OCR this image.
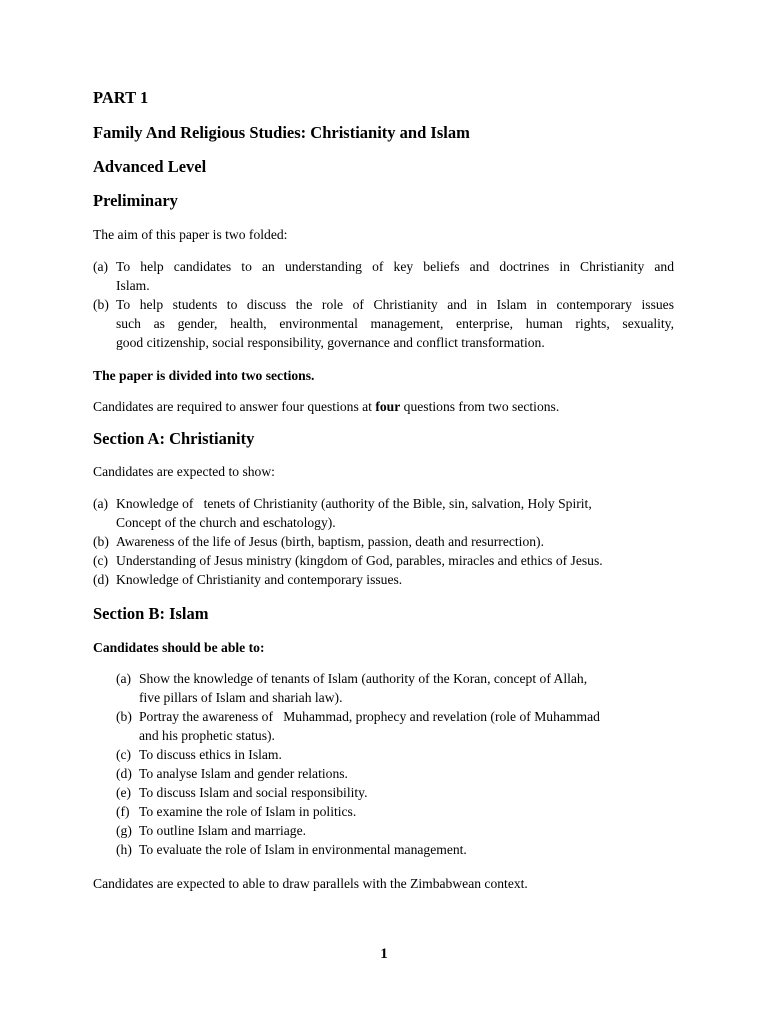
PART 1
Family And Religious Studies: Christianity and Islam
Advanced Level
Preliminary

The aim of this paper is two folded:

(a) To help candidates to an understanding of key beliefs and doctrines in Christianity and
Islam.
(b) To help students to discuss the role of Christianity and in Islam in contemporary issues
such as gender, health, environmental management, enterprise, human rights, sexuality,
good citizenship, social responsibility, governance and conflict transformation.

The paper is divided into two sections.

Candidates are required to answer four questions at four questions from two sections.

Section A: Christianity

Candidates are expected to show:

(a) Knowledge of   tenets of Christianity (authority of the Bible, sin, salvation, Holy Spirit,
Concept of the church and eschatology).
(b) Awareness of the life of Jesus (birth, baptism, passion, death and resurrection).
(c) Understanding of Jesus ministry (kingdom of God, parables, miracles and ethics of Jesus.
(d) Knowledge of Christianity and contemporary issues.
Section B: Islam

Candidates should be able to:

(a) Show the knowledge of tenants of Islam (authority of the Koran, concept of Allah,
five pillars of Islam and shariah law).
(b) Portray the awareness of   Muhammad, prophecy and revelation (role of Muhammad
and his prophetic status).
(c) To discuss ethics in Islam.
(d) To analyse Islam and gender relations.
(e) To discuss Islam and social responsibility.
(f) To examine the role of Islam in politics.
(g) To outline Islam and marriage.
(h) To evaluate the role of Islam in environmental management.

Candidates are expected to able to draw parallels with the Zimbabwean context.

1
